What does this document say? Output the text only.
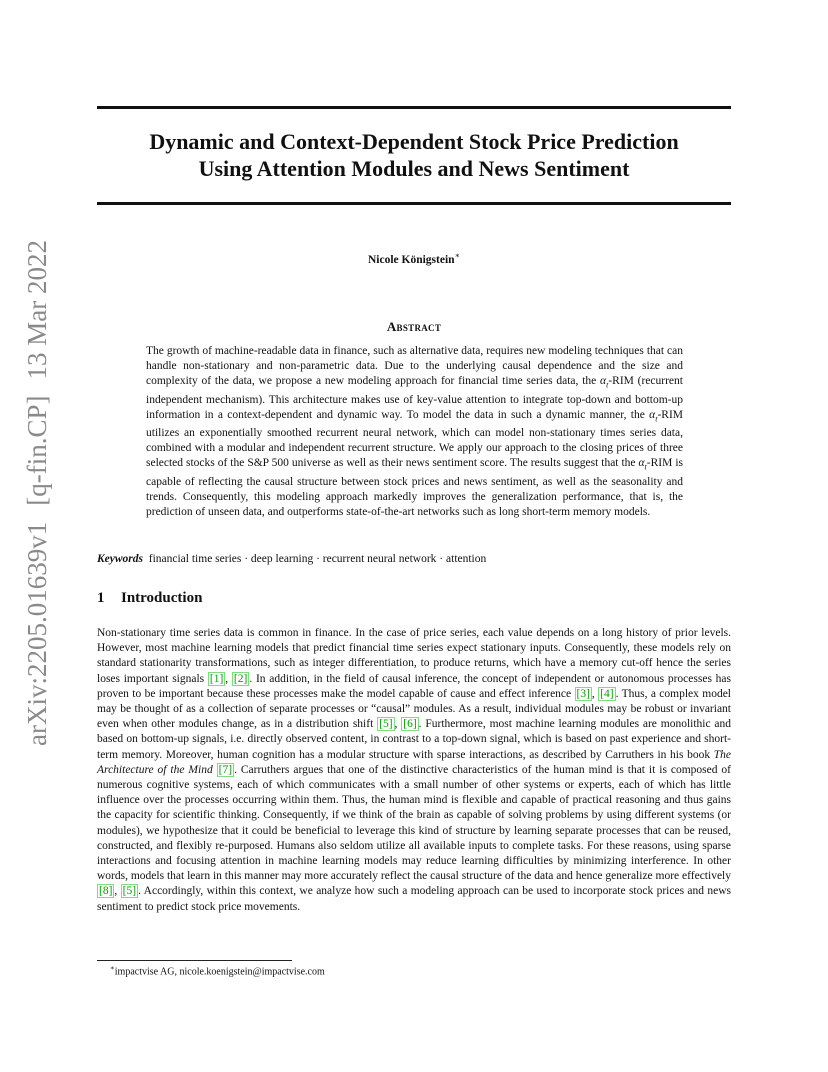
arXiv:2205.01639v1[q-fin.CP]13 Mar 2022
Dynamic and Context-Dependent Stock Price Prediction
Using Attention Modules and News Sentiment
Nicole Königstein∗
Abstract
The growth of machine-readable data in finance, such as alternative data, requires new modeling techniques that can handle non-stationary and non-parametric data. Due to the underlying causal dependence and the size and complexity of the data, we propose a new modeling approach for financial time series data, the $\alpha_t$-RIM (recurrent independent mechanism). This architecture makes use of key-value attention to integrate top-down and bottom-up information in a context-dependent and dynamic way. To model the data in such a dynamic manner, the $\alpha_t$-RIM utilizes an exponentially smoothed recurrent neural network, which can model non-stationary times series data, combined with a modular and independent recurrent structure. We apply our approach to the closing prices of three selected stocks of the S&P 500 universe as well as their news sentiment score. The results suggest that the $\alpha_t$-RIM is capable of reflecting the causal structure between stock prices and news sentiment, as well as the seasonality and trends. Consequently, this modeling approach markedly improves the generalization performance, that is, the prediction of unseen data, and outperforms state-of-the-art networks such as long short-term memory models.
Keywords financial time series · deep learning · recurrent neural network · attention
1 Introduction
Non-stationary time series data is common in finance. In the case of price series, each value depends on a long history of prior levels. However, most machine learning models that predict financial time series expect stationary inputs. Consequently, these models rely on standard stationarity transformations, such as integer differentiation, to produce returns, which have a memory cut-off hence the series loses important signals [1] , [2] . In addition, in the field of causal inference, the concept of independent or autonomous processes has proven to be important because these processes make the model capable of cause and effect inference [3] , [4] . Thus, a complex model may be thought of as a collection of separate processes or “causal” modules. As a result, individual modules may be robust or invariant even when other modules change, as in a distribution shift [5] , [6] . Furthermore, most machine learning modules are monolithic and based on bottom-up signals, i.e. directly observed content, in contrast to a top-down signal, which is based on past experience and short-term memory. Moreover, human cognition has a modular structure with sparse interactions, as described by Carruthers in his book The Architecture of the Mind [7] . Carruthers argues that one of the distinctive characteristics of the human mind is that it is composed of numerous cognitive systems, each of which communicates with a small number of other systems or experts, each of which has little influence over the processes occurring within them. Thus, the human mind is flexible and capable of practical reasoning and thus gains the capacity for scientific thinking. Consequently, if we think of the brain as capable of solving problems by using different systems (or modules), we hypothesize that it could be beneficial to leverage this kind of structure by learning separate processes that can be reused, constructed, and flexibly re-purposed. Humans also seldom utilize all available inputs to complete tasks. For these reasons, using sparse interactions and focusing attention in machine learning models may reduce learning difficulties by minimizing interference. In other words, models that learn in this manner may more accurately reflect the causal structure of the data and hence generalize more effectively [8] , [5] . Accordingly, within this context, we analyze how such a modeling approach can be used to incorporate stock prices and news sentiment to predict stock price movements.
∗impactvise AG, nicole.koenigstein@impactvise.com
